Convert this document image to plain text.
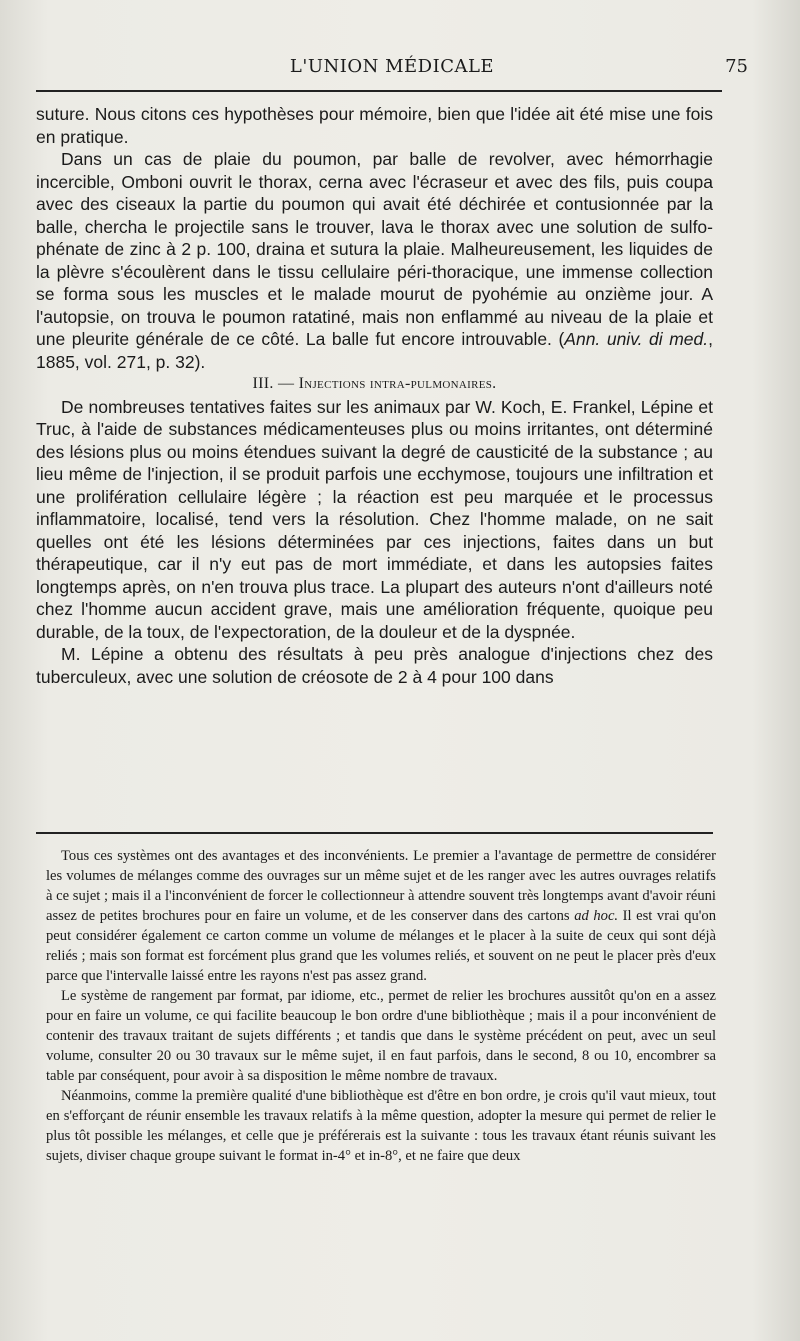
L'UNION MÉDICALE	75

suture. Nous citons ces hypothèses pour mémoire, bien que l'idée ait été mise une fois en pratique.

Dans un cas de plaie du poumon, par balle de revolver, avec hémorrhagie incercible, Omboni ouvrit le thorax, cerna avec l'écraseur et avec des fils, puis coupa avec des ciseaux la partie du poumon qui avait été déchirée et contusionnée par la balle, chercha le projectile sans le trouver, lava le thorax avec une solution de sulfo-phénate de zinc à 2 p. 100, draina et sutura la plaie. Malheureusement, les liquides de la plèvre s'écoulèrent dans le tissu cellulaire péri-thoracique, une immense collection se forma sous les muscles et le malade mourut de pyohémie au onzième jour. A l'autopsie, on trouva le poumon ratatiné, mais non enflammé au niveau de la plaie et une pleurite générale de ce côté. La balle fut encore introuvable. (Ann. univ. di med., 1885, vol. 271, p. 32).

III. — Injections intra-pulmonaires.

De nombreuses tentatives faites sur les animaux par W. Koch, E. Frankel, Lépine et Truc, à l'aide de substances médicamenteuses plus ou moins irritantes, ont déterminé des lésions plus ou moins étendues suivant la degré de causticité de la substance ; au lieu même de l'injection, il se produit parfois une ecchymose, toujours une infiltration et une prolifération cellulaire légère ; la réaction est peu marquée et le processus inflammatoire, localisé, tend vers la résolution. Chez l'homme malade, on ne sait quelles ont été les lésions déterminées par ces injections, faites dans un but thérapeutique, car il n'y eut pas de mort immédiate, et dans les autopsies faites longtemps après, on n'en trouva plus trace. La plupart des auteurs n'ont d'ailleurs noté chez l'homme aucun accident grave, mais une amélioration fréquente, quoique peu durable, de la toux, de l'expectoration, de la douleur et de la dyspnée.

M. Lépine a obtenu des résultats à peu près analogue d'injections chez des tuberculeux, avec une solution de créosote de 2 à 4 pour 100 dans

Tous ces systèmes ont des avantages et des inconvénients. Le premier a l'avantage de permettre de considérer les volumes de mélanges comme des ouvrages sur un même sujet et de les ranger avec les autres ouvrages relatifs à ce sujet ; mais il a l'inconvénient de forcer le collectionneur à attendre souvent très longtemps avant d'avoir réuni assez de petites brochures pour en faire un volume, et de les conserver dans des cartons ad hoc. Il est vrai qu'on peut considérer également ce carton comme un volume de mélanges et le placer à la suite de ceux qui sont déjà reliés ; mais son format est forcément plus grand que les volumes reliés, et souvent on ne peut le placer près d'eux parce que l'intervalle laissé entre les rayons n'est pas assez grand.

Le système de rangement par format, par idiome, etc., permet de relier les brochures aussitôt qu'on en a assez pour en faire un volume, ce qui facilite beaucoup le bon ordre d'une bibliothèque ; mais il a pour inconvénient de contenir des travaux traitant de sujets différents ; et tandis que dans le système précédent on peut, avec un seul volume, consulter 20 ou 30 travaux sur le même sujet, il en faut parfois, dans le second, 8 ou 10, encombrer sa table par conséquent, pour avoir à sa disposition le même nombre de travaux.

Néanmoins, comme la première qualité d'une bibliothèque est d'être en bon ordre, je crois qu'il vaut mieux, tout en s'efforçant de réunir ensemble les travaux relatifs à la même question, adopter la mesure qui permet de relier le plus tôt possible les mélanges, et celle que je préférerais est la suivante : tous les travaux étant réunis suivant les sujets, diviser chaque groupe suivant le format in-4° et in-8°, et ne faire que deux
